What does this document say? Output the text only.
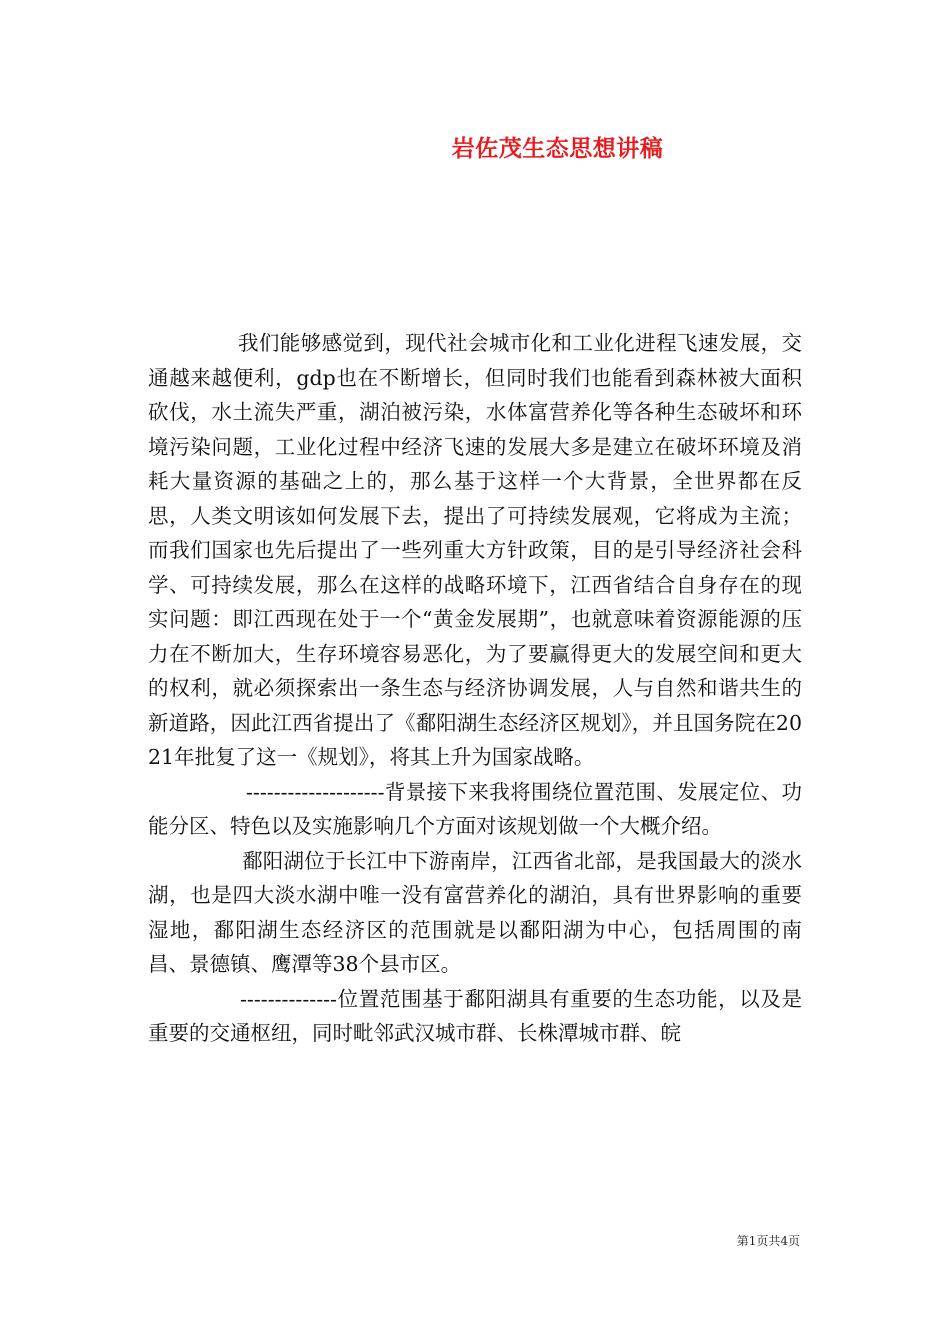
岩佐茂生态思想讲稿

我们能够感觉到，现代社会城市化和工业化进程飞速发展，交通越来越便利，gdp也在不断增长，但同时我们也能看到森林被大面积砍伐，水土流失严重，湖泊被污染，水体富营养化等各种生态破坏和环境污染问题，工业化过程中经济飞速的发展大多是建立在破坏环境及消耗大量资源的基础之上的，那么基于这样一个大背景，全世界都在反思，人类文明该如何发展下去，提出了可持续发展观，它将成为主流；而我们国家也先后提出了一些列重大方针政策，目的是引导经济社会科学、可持续发展，那么在这样的战略环境下，江西省结合自身存在的现实问题：即江西现在处于一个“黄金发展期”，也就意味着资源能源的压力在不断加大，生存环境容易恶化，为了要赢得更大的发展空间和更大的权利，就必须探索出一条生态与经济协调发展，人与自然和谐共生的新道路，因此江西省提出了《鄱阳湖生态经济区规划》，并且国务院在2021年批复了这一《规划》，将其上升为国家战略。

--------------------背景接下来我将围绕位置范围、发展定位、功能分区、特色以及实施影响几个方面对该规划做一个大概介绍。

鄱阳湖位于长江中下游南岸，江西省北部，是我国最大的淡水湖，也是四大淡水湖中唯一没有富营养化的湖泊，具有世界影响的重要湿地，鄱阳湖生态经济区的范围就是以鄱阳湖为中心，包括周围的南昌、景德镇、鹰潭等38个县市区。

--------------位置范围基于鄱阳湖具有重要的生态功能，以及是重要的交通枢纽，同时毗邻武汉城市群、长株潭城市群、皖

第1页共4页
